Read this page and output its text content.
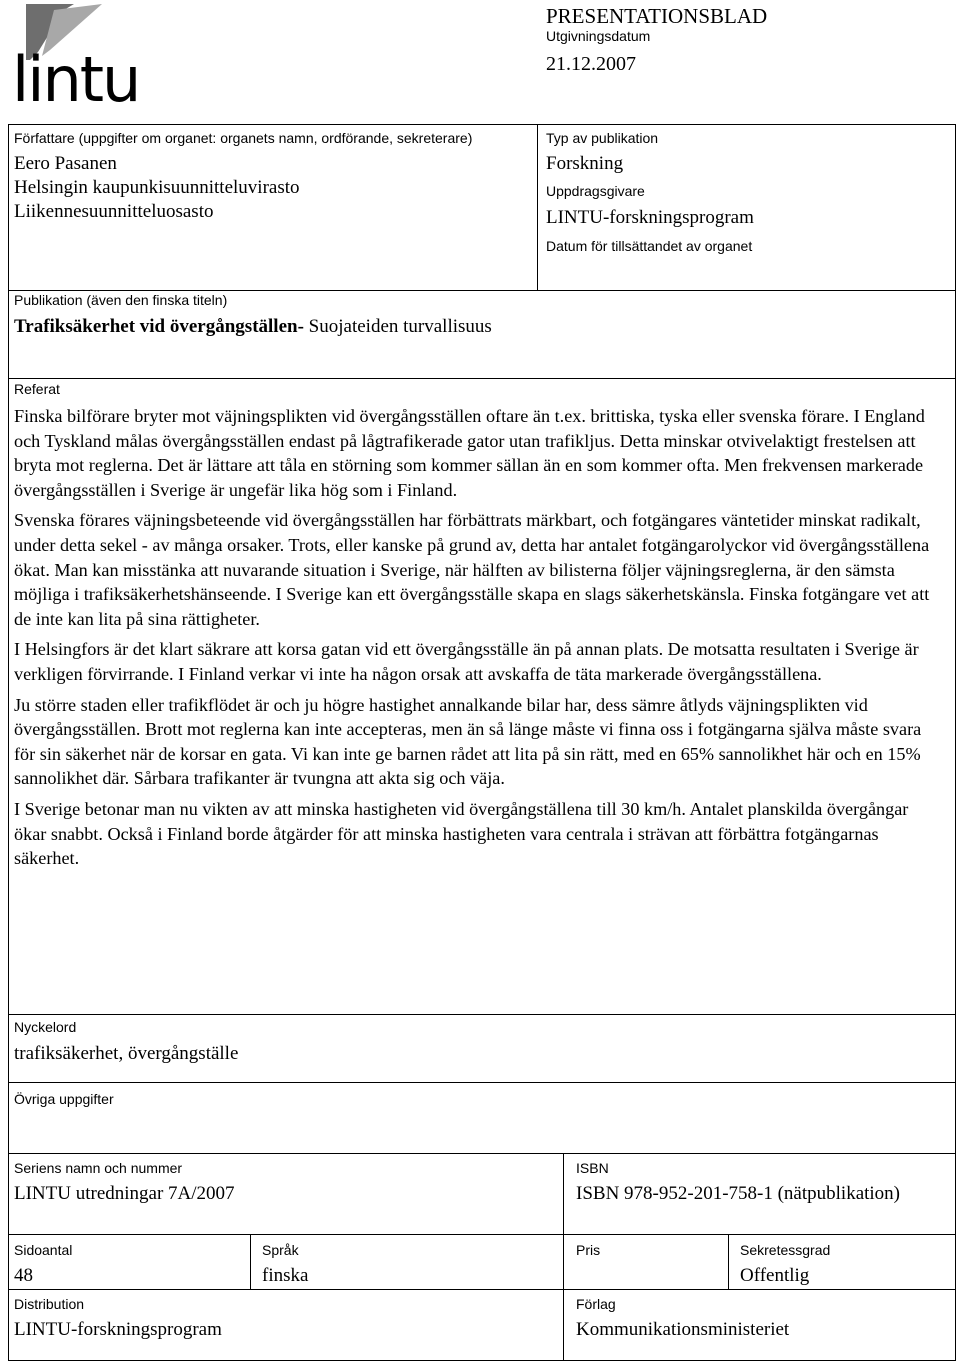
lintu
PRESENTATIONSBLAD
Utgivningsdatum
21.12.2007
Författare (uppgifter om organet: organets namn, ordförande, sekreterare)
Eero Pasanen
Helsingin kaupunkisuunnitteluvirasto
Liikennesuunnitteluosasto
Typ av publikation
Forskning
Uppdragsgivare
LINTU-forskningsprogram
Datum för tillsättandet av organet
Publikation (även den finska titeln)
Trafiksäkerhet vid övergångställen- Suojateiden turvallisuus
Referat

Finska bilförare bryter mot väjningsplikten vid övergångsställen oftare än t.ex. brittiska, tyska eller svenska förare. I England och Tyskland målas övergångsställen endast på lågtrafikerade gator utan trafikljus. Detta minskar otvivelaktigt frestelsen att bryta mot reglerna. Det är lättare att tåla en störning som kommer sällan än en som kommer ofta. Men frekvensen markerade övergångsställen i Sverige är ungefär lika hög som i Finland.

Svenska förares väjningsbeteende vid övergångsställen har förbättrats märkbart, och fotgängares väntetider minskat radikalt, under detta sekel - av många orsaker. Trots, eller kanske på grund av, detta har antalet fotgängarolyckor vid övergångsställena ökat. Man kan misstänka att nuvarande situation i Sverige, när hälften av bilisterna följer väjningsreglerna, är den sämsta möjliga i trafiksäkerhetshänseende. I Sverige kan ett övergångsställe skapa en slags säkerhetskänsla. Finska fotgängare vet att de inte kan lita på sina rättigheter.

I Helsingfors är det klart säkrare att korsa gatan vid ett övergångsställe än på annan plats. De motsatta resultaten i Sverige är verkligen förvirrande. I Finland verkar vi inte ha någon orsak att avskaffa de täta markerade övergångsställena.

Ju större staden eller trafikflödet är och ju högre hastighet annalkande bilar har, dess sämre åtlyds väjningsplikten vid övergångsställen. Brott mot reglerna kan inte accepteras, men än så länge måste vi finna oss i fotgängarna själva måste svara för sin säkerhet när de korsar en gata. Vi kan inte ge barnen rådet att lita på sin rätt, med en 65% sannolikhet här och en 15% sannolikhet där. Sårbara trafikanter är tvungna att akta sig och väja.

I Sverige betonar man nu vikten av att minska hastigheten vid övergångställena till 30 km/h. Antalet planskilda övergångar ökar snabbt. Också i Finland borde åtgärder för att minska hastigheten vara centrala i strävan att förbättra fotgängarnas säkerhet.

Nyckelord
trafiksäkerhet, övergångställe
Övriga uppgifter
Seriens namn och nummer
LINTU utredningar 7A/2007
ISBN
ISBN 978-952-201-758-1 (nätpublikation)
Sidoantal
48
Språk
finska
Pris	Sekretessgrad
Offentlig
Distribution
LINTU-forskningsprogram
Förlag
Kommunikationsministeriet
